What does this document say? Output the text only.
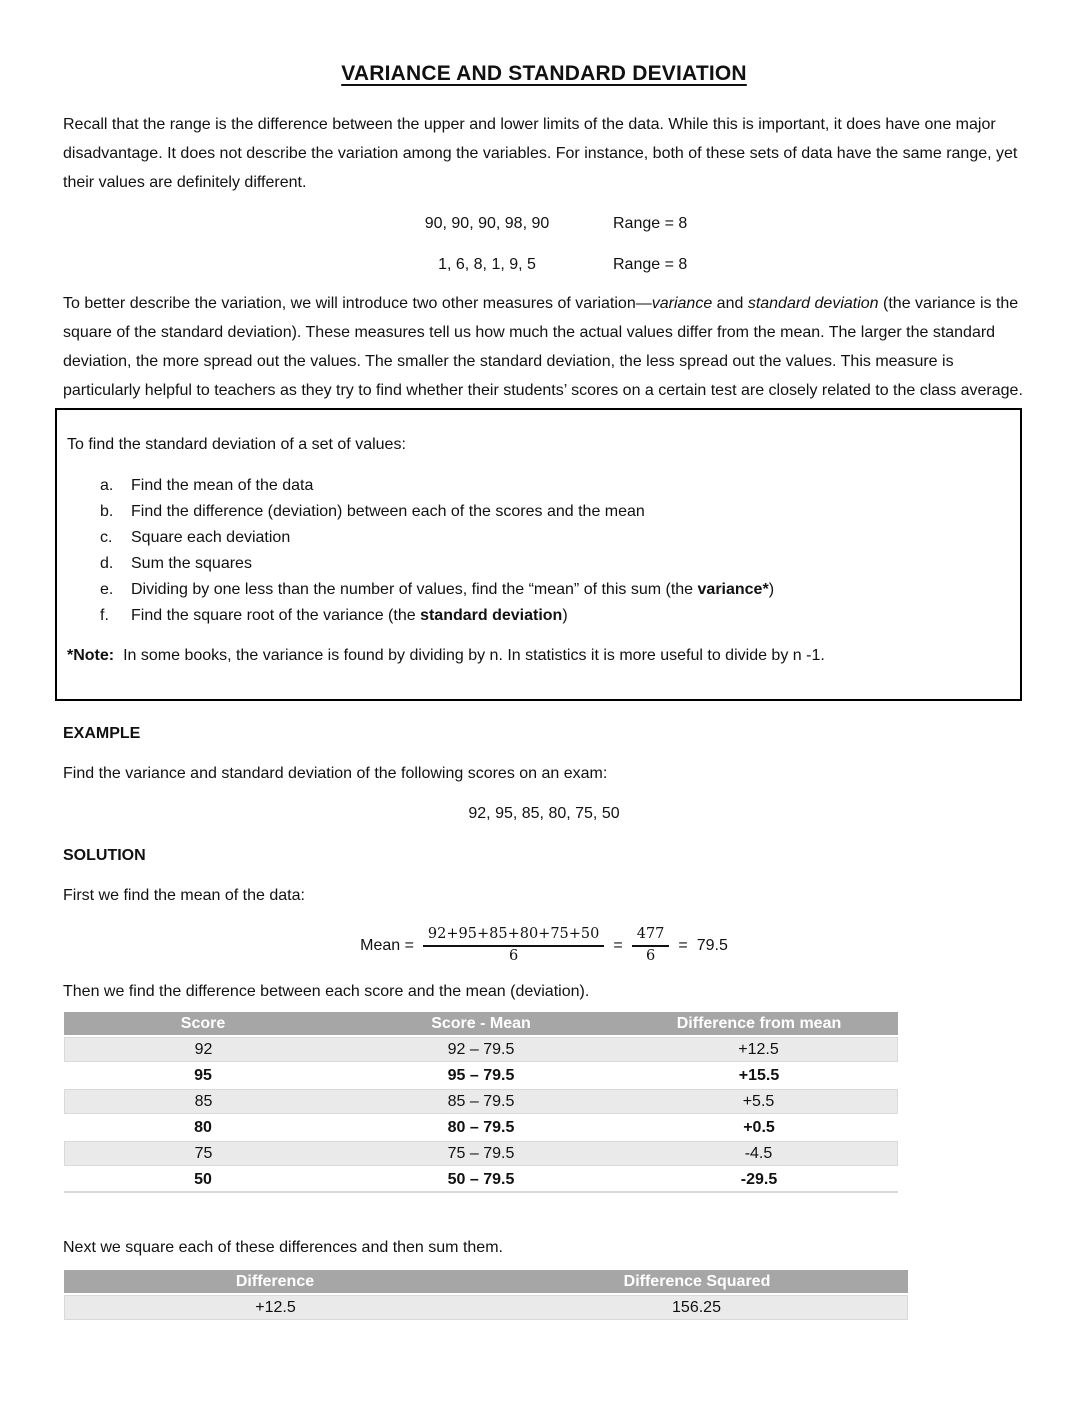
VARIANCE AND STANDARD DEVIATION

Recall that the range is the difference between the upper and lower limits of the data. While this is important, it does have one major disadvantage. It does not describe the variation among the variables. For instance, both of these sets of data have the same range, yet their values are definitely different.

90, 90, 90, 98, 90	Range = 8
1, 6, 8, 1, 9, 5	Range = 8

To better describe the variation, we will introduce two other measures of variation—variance and standard deviation (the variance is the square of the standard deviation). These measures tell us how much the actual values differ from the mean. The larger the standard deviation, the more spread out the values. The smaller the standard deviation, the less spread out the values. This measure is particularly helpful to teachers as they try to find whether their students’ scores on a certain test are closely related to the class average.

To find the standard deviation of a set of values:

a.	Find the mean of the data
b.	Find the difference (deviation) between each of the scores and the mean
c.	Square each deviation
d.	Sum the squares
e.	Dividing by one less than the number of values, find the “mean” of this sum (the variance*)
f.	Find the square root of the variance (the standard deviation)

*Note: In some books, the variance is found by dividing by n. In statistics it is more useful to divide by n -1.

EXAMPLE

Find the variance and standard deviation of the following scores on an exam:

92, 95, 85, 80, 75, 50

SOLUTION

First we find the mean of the data:

Mean = $\frac{92+95+85+80+75+50}{6} = \frac{477}{6} = 79.5$

Then we find the difference between each score and the mean (deviation).

Score	Score - Mean	Difference from mean
92	92 – 79.5	+12.5
95	95 – 79.5	+15.5
85	85 – 79.5	+5.5
80	80 – 79.5	+0.5
75	75 – 79.5	-4.5
50	50 – 79.5	-29.5

Next we square each of these differences and then sum them.

Difference	Difference Squared
+12.5	156.25
